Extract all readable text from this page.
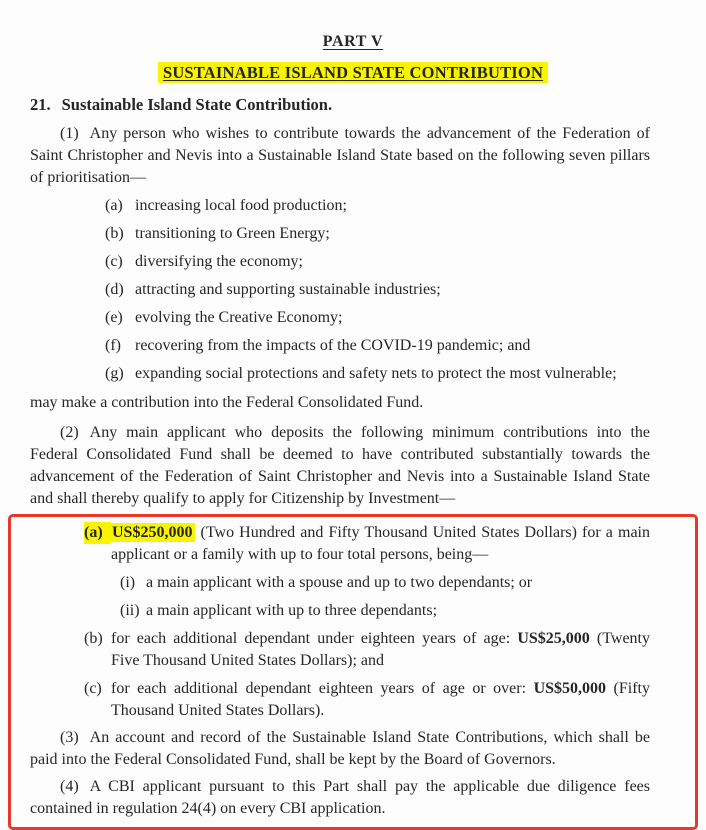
PART V
SUSTAINABLE ISLAND STATE CONTRIBUTION
21. Sustainable Island State Contribution.

(1) Any person who wishes to contribute towards the advancement of the Federation of Saint Christopher and Nevis into a Sustainable Island State based on the following seven pillars of prioritisation—

(a) increasing local food production;
(b) transitioning to Green Energy;
(c) diversifying the economy;
(d) attracting and supporting sustainable industries;
(e) evolving the Creative Economy;
(f) recovering from the impacts of the COVID-19 pandemic; and
(g) expanding social protections and safety nets to protect the most vulnerable;
may make a contribution into the Federal Consolidated Fund.

(2) Any main applicant who deposits the following minimum contributions into the Federal Consolidated Fund shall be deemed to have contributed substantially towards the advancement of the Federation of Saint Christopher and Nevis into a Sustainable Island State and shall thereby qualify to apply for Citizenship by Investment—

(a) US$250,000 (Two Hundred and Fifty Thousand United States Dollars) for a main applicant or a family with up to four total persons, being—
(i) a main applicant with a spouse and up to two dependants; or
(ii) a main applicant with up to three dependants;
(b) for each additional dependant under eighteen years of age: US$25,000 (Twenty Five Thousand United States Dollars); and
(c) for each additional dependant eighteen years of age or over: US$50,000 (Fifty Thousand United States Dollars).

(3) An account and record of the Sustainable Island State Contributions, which shall be paid into the Federal Consolidated Fund, shall be kept by the Board of Governors.

(4) A CBI applicant pursuant to this Part shall pay the applicable due diligence fees contained in regulation 24(4) on every CBI application.
